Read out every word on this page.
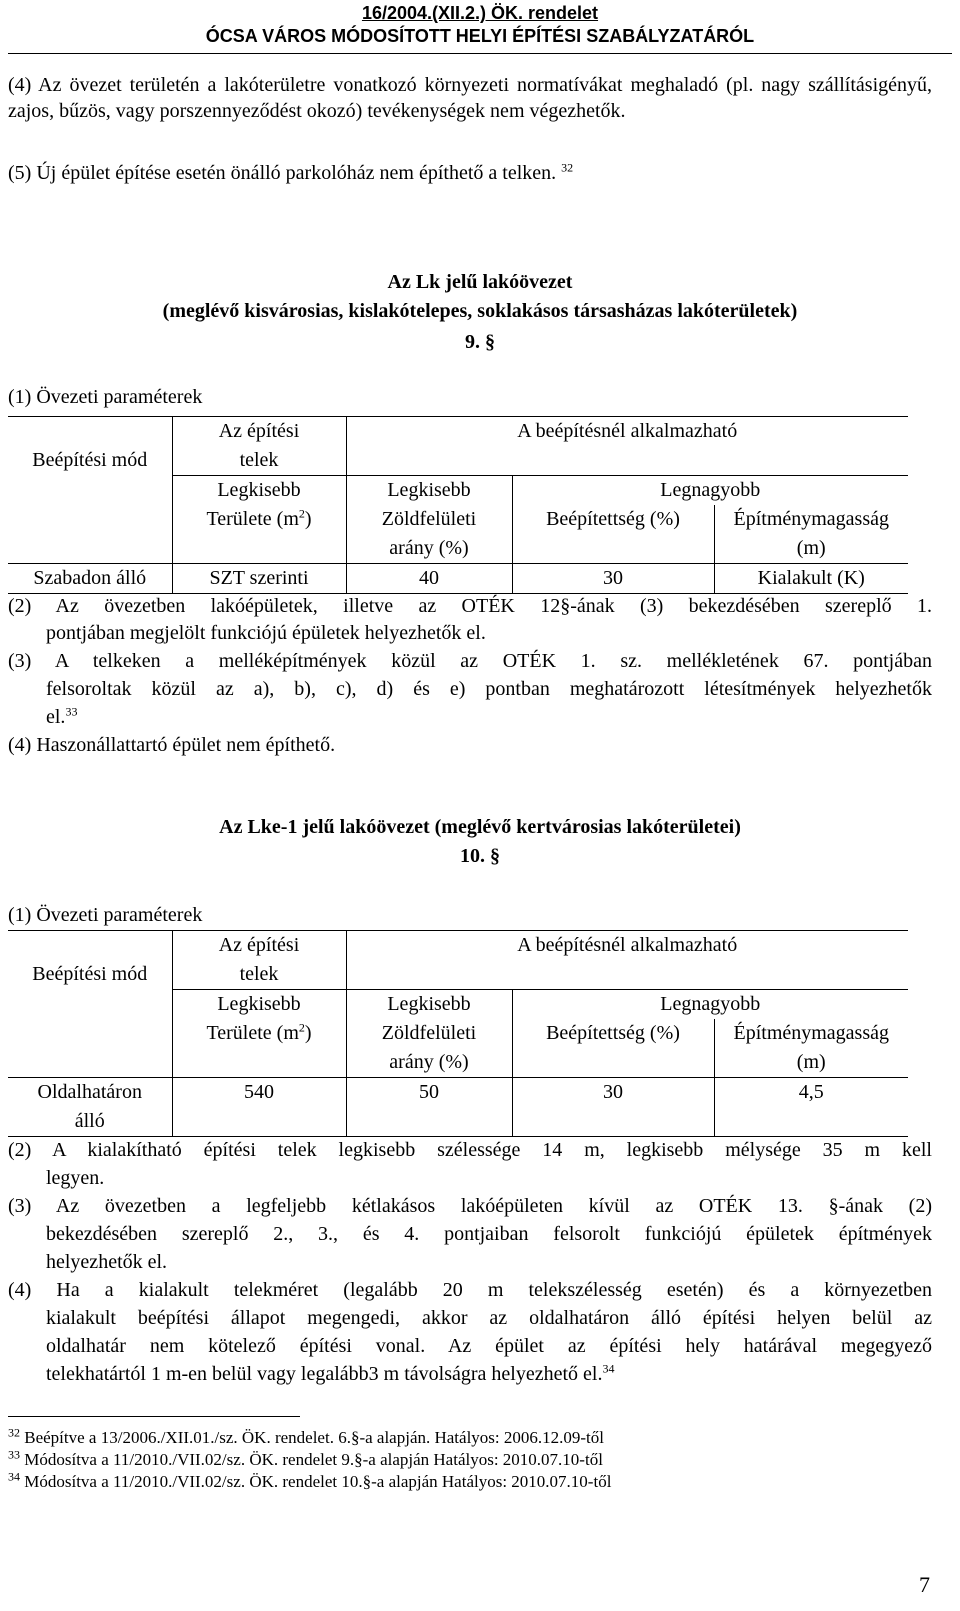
16/2004.(XII.2.) ÖK. rendelet
ÓCSA VÁROS MÓDOSÍTOTT HELYI ÉPÍTÉSI SZABÁLYZATÁRÓL
(4) Az övezet területén a lakóterületre vonatkozó környezeti normatívákat meghaladó (pl. nagy szállításigényű, zajos, bűzös, vagy porszennyeződést okozó) tevékenységek nem végezhetők.
(5) Új épület építése esetén önálló parkolóház nem építhető a telken. $^{32}$
Az Lk jelű lakóövezet
(meglévő kisvárosias, kislakótelepes, soklakásos társasházas lakóterületek)
9. §
(1) Övezeti paraméterek
	Az építési	A beépítésnél alkalmazható		
Beépítési mód	telek			
	Legkisebb	Legkisebb	Legnagyobb	
	Területe $(m^2)$	Zöldfelületi	Beépítettség (%)	Építménymagasság
		arány (%)		(m)
Szabadon álló	SZT szerinti	40	30	Kialakult (K)
(2) Az övezetben lakóépületek, illetve az OTÉK 12§-ának (3) bekezdésében szereplő 1.
pontjában megjelölt funkciójú épületek helyezhetők el.
(3) A telkeken a melléképítmények közül az OTÉK 1. sz. mellékletének 67. pontjában
felsoroltak közül az a), b), c), d) és e) pontban meghatározott létesítmények helyezhetők
el.$^{33}$
(4) Haszonállattartó épület nem építhető.
Az Lke-1 jelű lakóövezet (meglévő kertvárosias lakóterületei)
10. §
(1) Övezeti paraméterek
	Az építési	A beépítésnél alkalmazható		
Beépítési mód	telek			
	Legkisebb	Legkisebb	Legnagyobb	
	Területe $(m^2)$	Zöldfelületi	Beépítettség (%)	Építménymagasság
		arány (%)		(m)
Oldalhatáron	540	50	30	4,5
álló				
(2) A kialakítható építési telek legkisebb szélessége 14 m, legkisebb mélysége 35 m kell
legyen.
(3) Az övezetben a legfeljebb kétlakásos lakóépületen kívül az OTÉK 13. §-ának (2)
bekezdésében szereplő 2., 3., és 4. pontjaiban felsorolt funkciójú épületek építmények
helyezhetők el.
(4) Ha a kialakult telekméret (legalább 20 m telekszélesség esetén) és a környezetben
kialakult beépítési állapot megengedi, akkor az oldalhatáron álló építési helyen belül az
oldalhatár nem kötelező építési vonal. Az épület az építési hely határával megegyező
telekhatártól 1 m-en belül vagy legalább3 m távolságra helyezhető el.$^{34}$
$^{32}$ Beépítve a 13/2006./XII.01./sz. ÖK. rendelet. 6.§-a alapján. Hatályos: 2006.12.09-től
$^{33}$ Módosítva a 11/2010./VII.02/sz. ÖK. rendelet 9.§-a alapján Hatályos: 2010.07.10-től
$^{34}$ Módosítva a 11/2010./VII.02/sz. ÖK. rendelet 10.§-a alapján Hatályos: 2010.07.10-től
7
